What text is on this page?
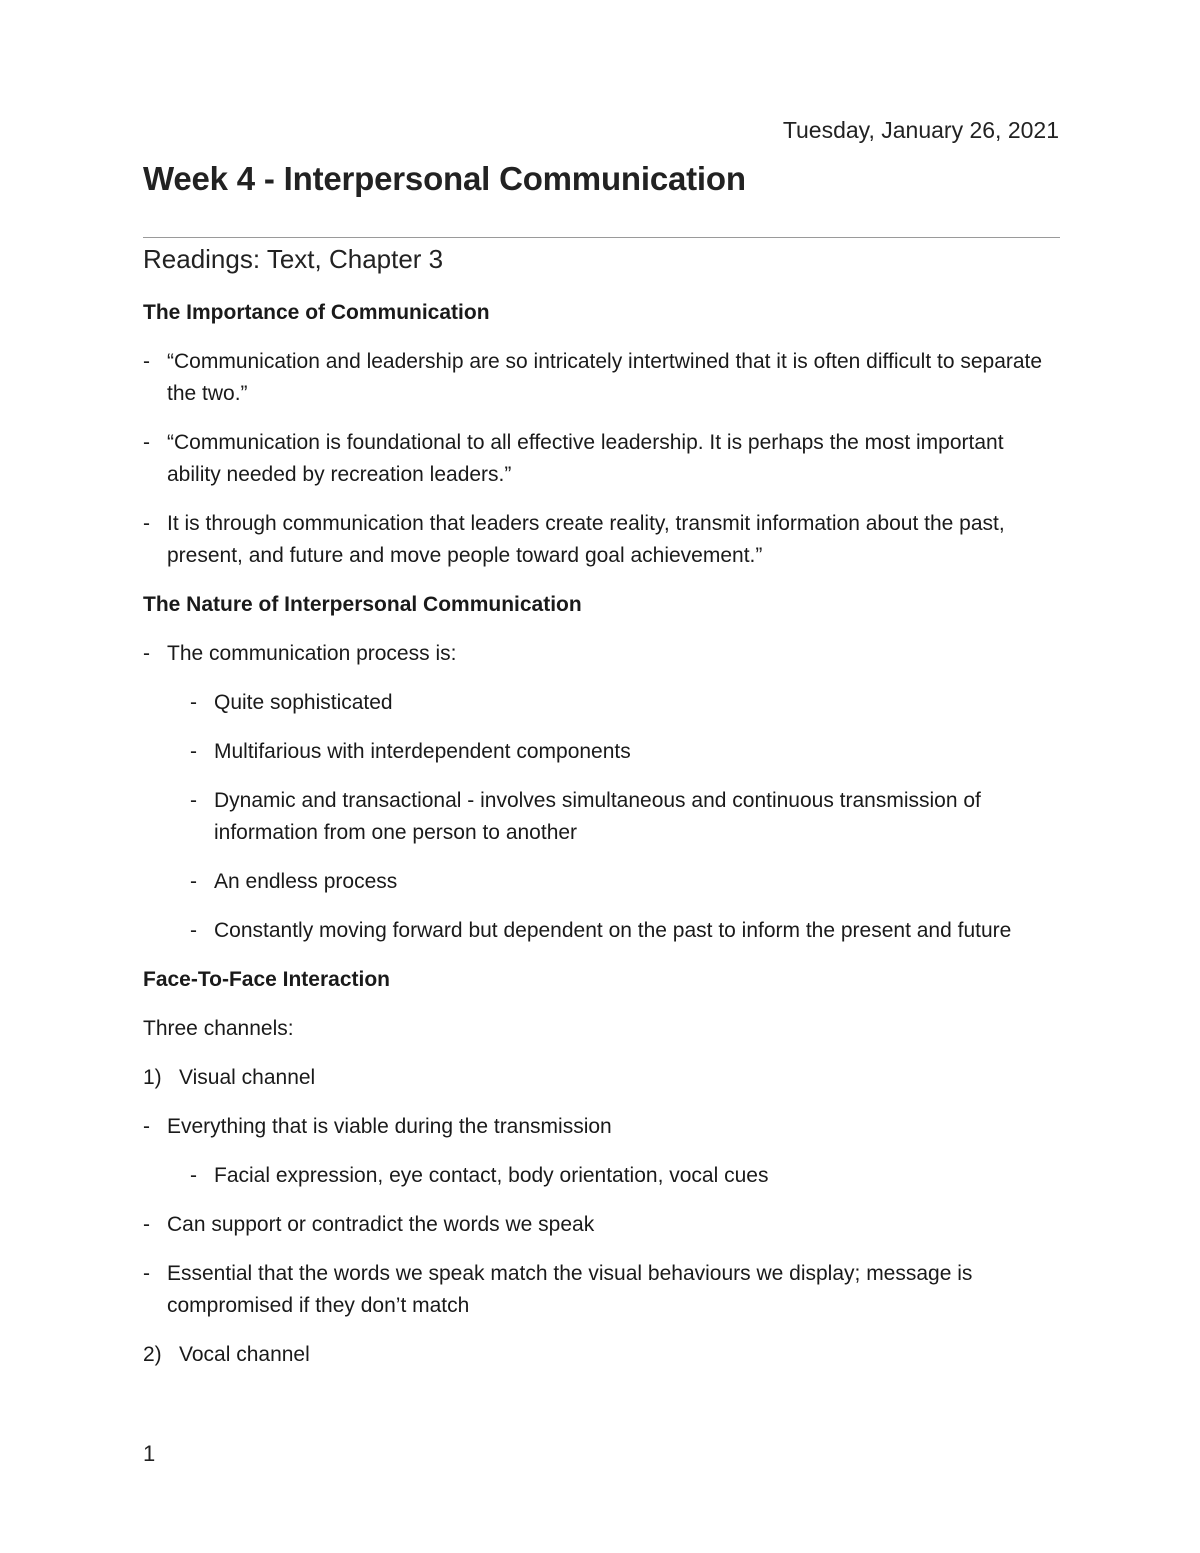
Tuesday, January 26, 2021
Week 4 - Interpersonal Communication
Readings: Text, Chapter 3
The Importance of Communication
- “Communication and leadership are so intricately intertwined that it is often difficult to separate the two.”
- “Communication is foundational to all effective leadership. It is perhaps the most important ability needed by recreation leaders.”
- It is through communication that leaders create reality, transmit information about the past, present, and future and move people toward goal achievement.”
The Nature of Interpersonal Communication
- The communication process is:
- Quite sophisticated
- Multifarious with interdependent components
- Dynamic and transactional - involves simultaneous and continuous transmission of information from one person to another
- An endless process
- Constantly moving forward but dependent on the past to inform the present and future
Face-To-Face Interaction
Three channels:
1) Visual channel
- Everything that is viable during the transmission
- Facial expression, eye contact, body orientation, vocal cues
- Can support or contradict the words we speak
- Essential that the words we speak match the visual behaviours we display; message is compromised if they don’t match
2) Vocal channel
1
